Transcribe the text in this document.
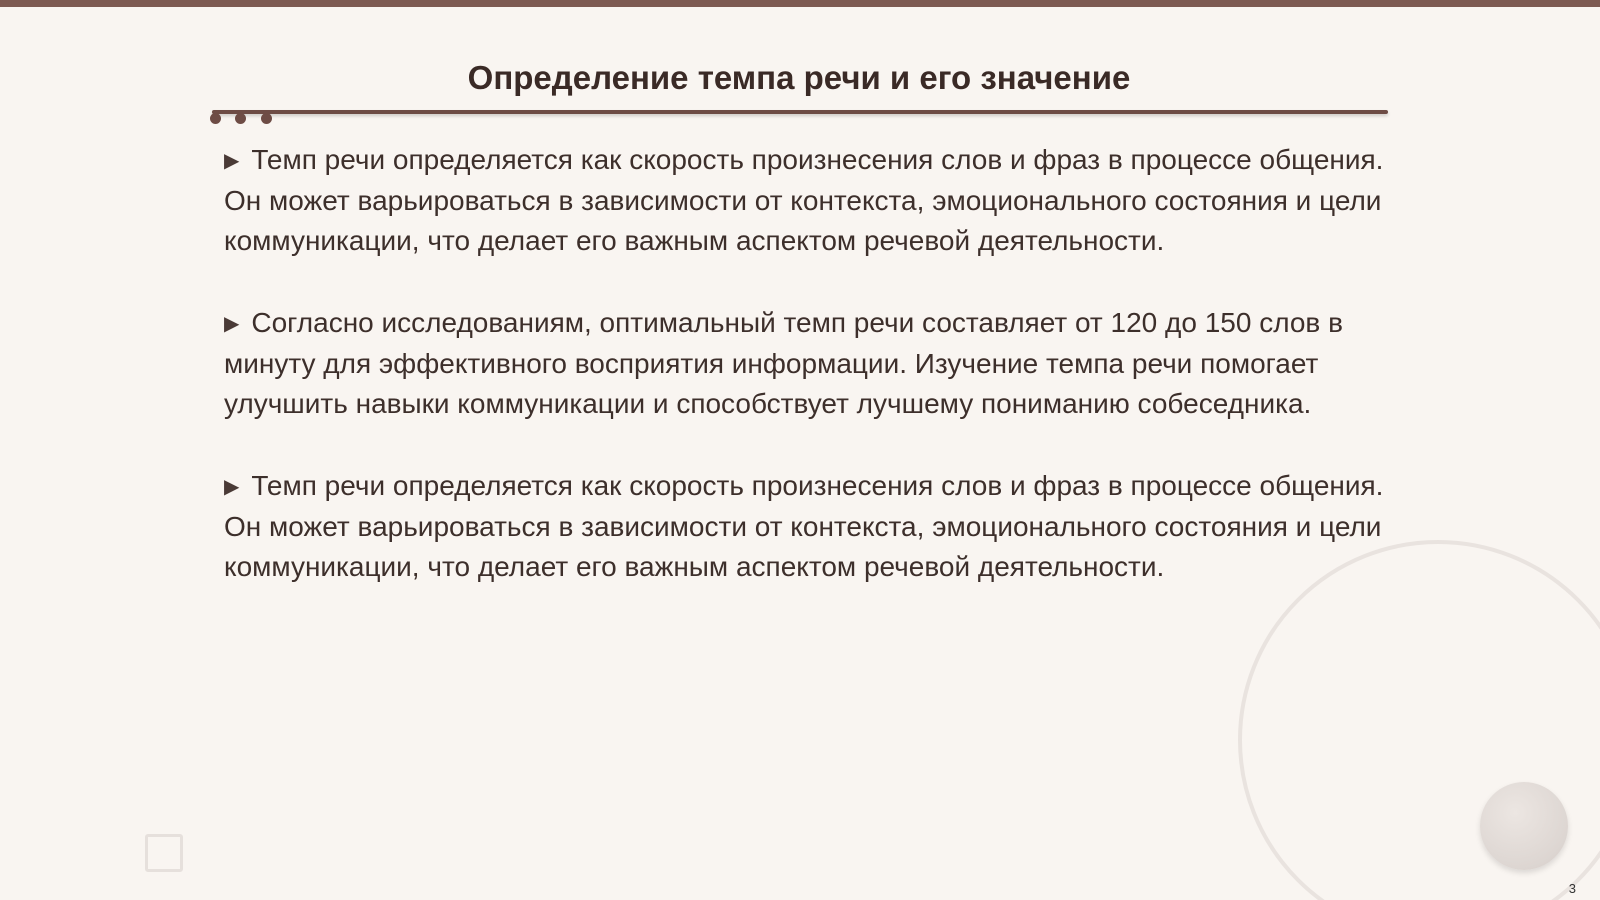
Определение темпа речи и его значение

▶ Темп речи определяется как скорость произнесения слов и фраз в процессе общения. Он может варьироваться в зависимости от контекста, эмоционального состояния и цели коммуникации, что делает его важным аспектом речевой деятельности.

▶ Согласно исследованиям, оптимальный темп речи составляет от 120 до 150 слов в минуту для эффективного восприятия информации. Изучение темпа речи помогает улучшить навыки коммуникации и способствует лучшему пониманию собеседника.

▶ Темп речи определяется как скорость произнесения слов и фраз в процессе общения. Он может варьироваться в зависимости от контекста, эмоционального состояния и цели коммуникации, что делает его важным аспектом речевой деятельности.

3
